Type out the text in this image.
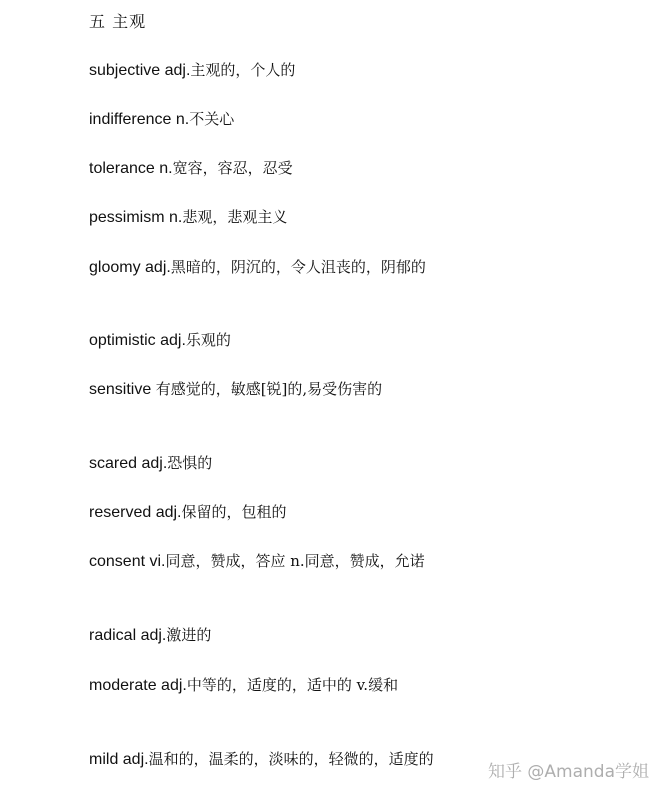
五 主观
subjective adj.主观的，个人的
indifference n.不关心
tolerance n.宽容，容忍，忍受
pessimism n.悲观，悲观主义
gloomy adj.黑暗的，阴沉的，令人沮丧的，阴郁的
optimistic adj.乐观的
sensitive 有感觉的，敏感[锐]的,易受伤害的
scared adj.恐惧的
reserved adj.保留的，包租的
consent vi.同意，赞成，答应 n.同意，赞成，允诺
radical adj.激进的
moderate adj.中等的，适度的，适中的 v.缓和
mild adj.温和的，温柔的，淡味的，轻微的，适度的
知乎 @Amanda学姐
